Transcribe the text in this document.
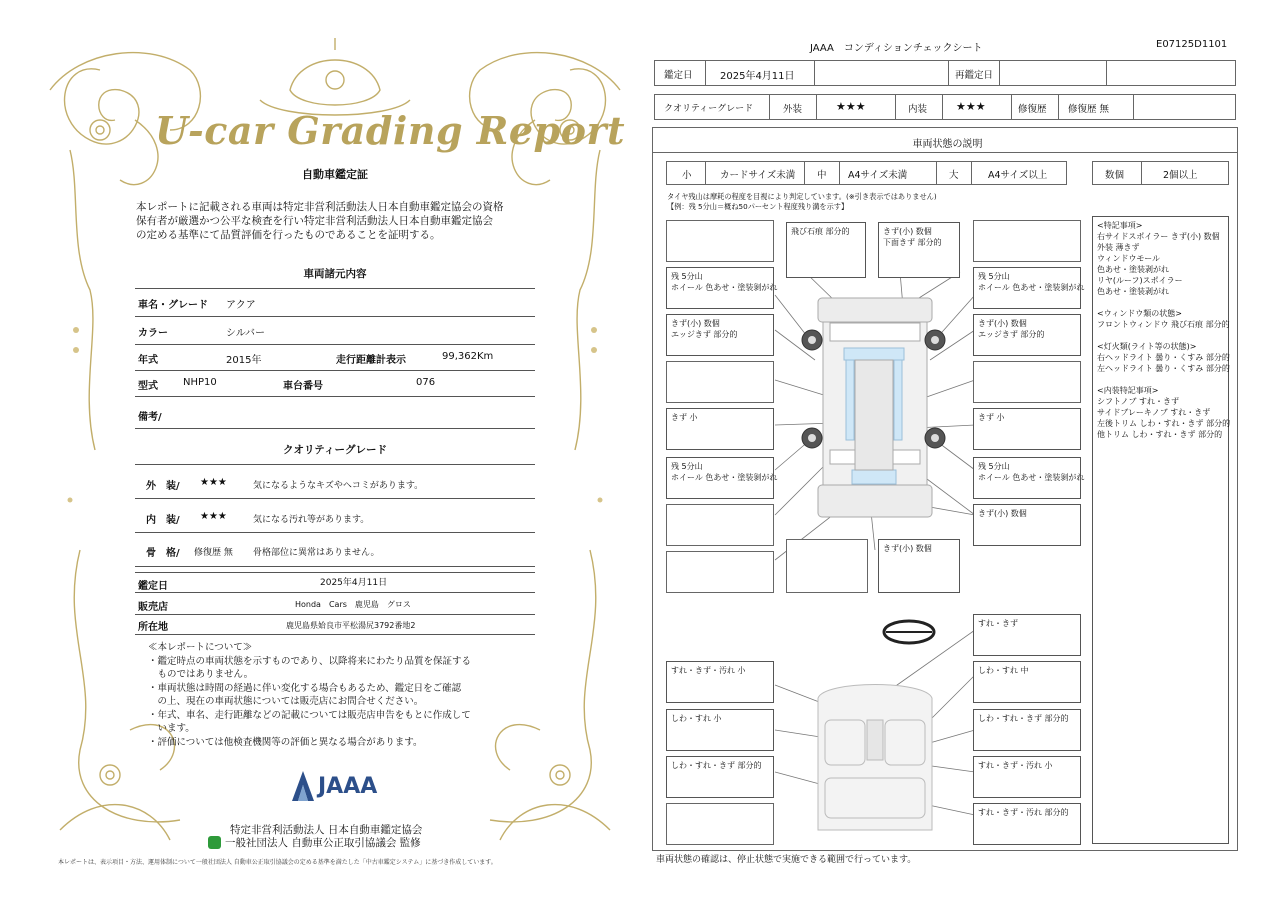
U-car Grading Report
自動車鑑定証
本レポートに記載される車両は特定非営利活動法人日本自動車鑑定協会の資格
保有者が厳選かつ公平な検査を行い特定非営利活動法人日本自動車鑑定協会
の定める基準にて品質評価を行ったものであることを証明する。
車両諸元内容
車名・グレード アクア
カラー	シルバー
年式	2015年	走行距離計表示	99,362Km
型式	NHP10	車台番号	076
備考/
クオリティーグレード
外　装/ ★★★	気になるようなキズやヘコミがあります。
内　装/ ★★★	気になる汚れ等があります。
骨　格/ 修復歴 無 骨格部位に異常はありません。
鑑定日	2025年4月11日
販売店	Honda　Cars　鹿児島　グロス
所在地	鹿児島県姶良市平松湯尻3792番地2
≪本レポートについて≫
・鑑定時点の車両状態を示すものであり、以降将来にわたり品質を保証する
　ものではありません。
・車両状態は時間の経過に伴い変化する場合もあるため、鑑定日をご確認
　の上、現在の車両状態については販売店にお問合せください。
・年式、車名、走行距離などの記載については販売店申告をもとに作成して
　います。
・評価については他検査機関等の評価と異なる場合があります。
JAAA
特定非営利活動法人 日本自動車鑑定協会
一般社団法人 自動車公正取引協議会 監修
本レポートは、表示項目・方法、運用体制について一般社団法人 自動車公正取引協議会の定める基準を満たした「中古車鑑定システム」に基づき作成しています。
JAAA　コンディションチェックシート	E07125D1101
鑑定日	2025年4月11日	再鑑定日
クオリティーグレード	外装	★★★	内装	★★★	修復歴 修復歴 無
車両状態の説明
小	カードサイズ未満 中 A4サイズ未満	大	A4サイズ以上	数個	2個以上
タイヤ残山は摩耗の程度を目視により判定しています。(※引き表示ではありません)
【例：残 5分山＝概ね50パーセント程度残り溝を示す】
<特記事項>
右サイドスポイラー きず(小) 数個
外装 薄きず
ウィンドウモール
色あせ・塗装剥がれ
リヤ(ルーフ)スポイラー
色あせ・塗装剥がれ
<ウィンドウ類の状態>
フロントウィンドウ 飛び石痕 部分的
<灯火類(ライト等の状態)>
右ヘッドライト 曇り・くすみ 部分的
左ヘッドライト 曇り・くすみ 部分的
<内装特記事項>
シフトノブ すれ・きず
サイドブレーキノブ すれ・きず
左後トリム しわ・すれ・きず 部分的
他トリム しわ・すれ・きず 部分的
飛び石痕 部分的	きず(小) 数個
下面きず 部分的
残 5分山
ホイール 色あせ・塗装剝がれ
残 5分山
ホイール 色あせ・塗装剝がれ
きず(小) 数個
エッジきず 部分的
きず(小) 数個
エッジきず 部分的
きず 小	きず 小
残 5分山
ホイール 色あせ・塗装剝がれ
残 5分山
ホイール 色あせ・塗装剝がれ
きず(小) 数個
きず(小) 数個
すれ・きず
すれ・きず・汚れ 小	しわ・すれ 中
しわ・すれ 小	しわ・すれ・きず 部分的
しわ・すれ・きず 部分的	すれ・きず・汚れ 小
すれ・きず・汚れ 部分的
車両状態の確認は、停止状態で実施できる範囲で行っています。
